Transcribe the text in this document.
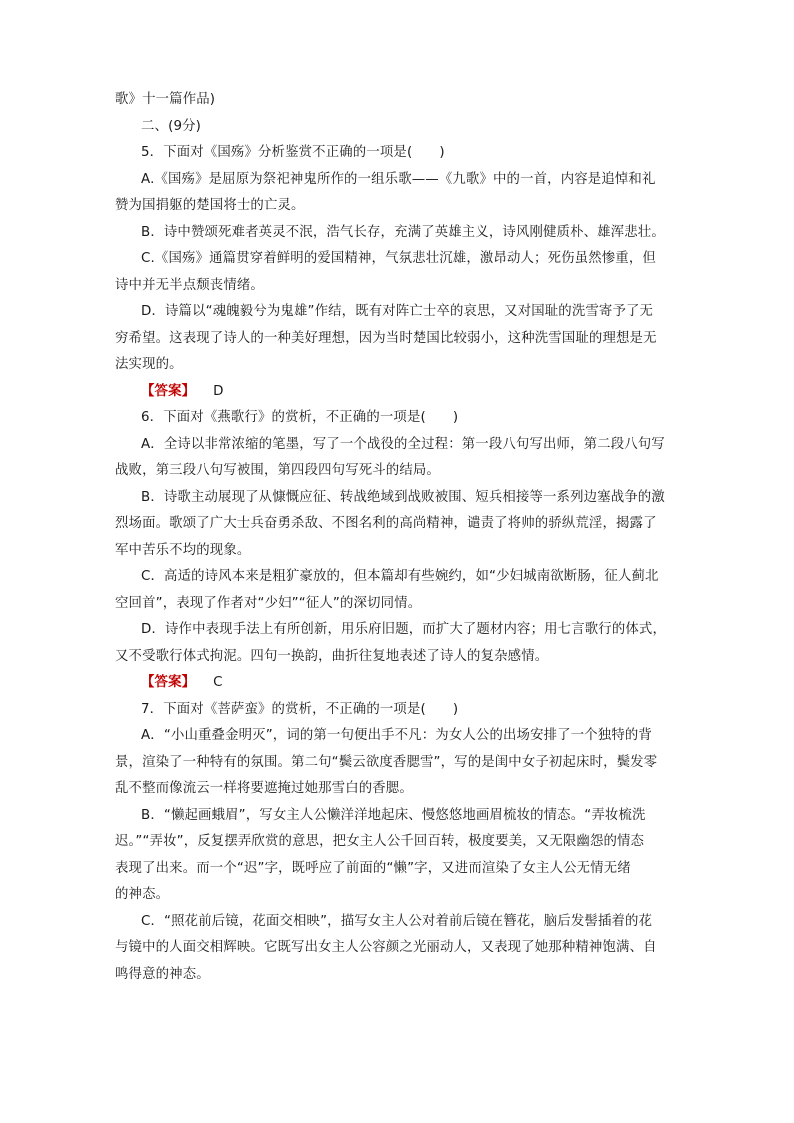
歌》十一篇作品)
二、(9分)
5．下面对《国殇》分析鉴赏不正确的一项是(　　)
A.《国殇》是屈原为祭祀神鬼所作的一组乐歌——《九歌》中的一首，内容是追悼和礼
赞为国捐躯的楚国将士的亡灵。
B．诗中赞颂死难者英灵不泯，浩气长存，充满了英雄主义，诗风刚健质朴、雄浑悲壮。
C.《国殇》通篇贯穿着鲜明的爱国精神，气氛悲壮沉雄，激昂动人；死伤虽然惨重，但
诗中并无半点颓丧情绪。
D．诗篇以“魂魄毅兮为鬼雄”作结，既有对阵亡士卒的哀思，又对国耻的洗雪寄予了无
穷希望。这表现了诗人的一种美好理想，因为当时楚国比较弱小，这种洗雪国耻的理想是无
法实现的。
【答案】 D
6．下面对《燕歌行》的赏析，不正确的一项是(　　)
A．全诗以非常浓缩的笔墨，写了一个战役的全过程：第一段八句写出师，第二段八句写
战败，第三段八句写被围，第四段四句写死斗的结局。
B．诗歌主动展现了从慷慨应征、转战绝域到战败被围、短兵相接等一系列边塞战争的激
烈场面。歌颂了广大士兵奋勇杀敌、不图名利的高尚精神，谴责了将帅的骄纵荒淫，揭露了
军中苦乐不均的现象。
C．高适的诗风本来是粗犷豪放的，但本篇却有些婉约，如“少妇城南欲断肠，征人蓟北
空回首”，表现了作者对“少妇”“征人”的深切同情。
D．诗作中表现手法上有所创新，用乐府旧题，而扩大了题材内容；用七言歌行的体式，
又不受歌行体式拘泥。四句一换韵，曲折往复地表述了诗人的复杂感情。
【答案】 C
7．下面对《菩萨蛮》的赏析，不正确的一项是(　　)
A．“小山重叠金明灭”，词的第一句便出手不凡：为女人公的出场安排了一个独特的背
景，渲染了一种特有的氛围。第二句“鬓云欲度香腮雪”，写的是闺中女子初起床时，鬓发零
乱不整而像流云一样将要遮掩过她那雪白的香腮。
B．“懒起画蛾眉”，写女主人公懒洋洋地起床、慢悠悠地画眉梳妆的情态。“弄妆梳洗
迟。”“弄妆”，反复摆弄欣赏的意思，把女主人公千回百转，极度要美，又无限幽怨的情态
表现了出来。而一个“迟”字，既呼应了前面的“懒”字，又进而渲染了女主人公无情无绪
的神态。
C．“照花前后镜，花面交相映”，描写女主人公对着前后镜在簪花，脑后发髻插着的花
与镜中的人面交相辉映。它既写出女主人公容颜之光丽动人，又表现了她那种精神饱满、自
鸣得意的神态。
